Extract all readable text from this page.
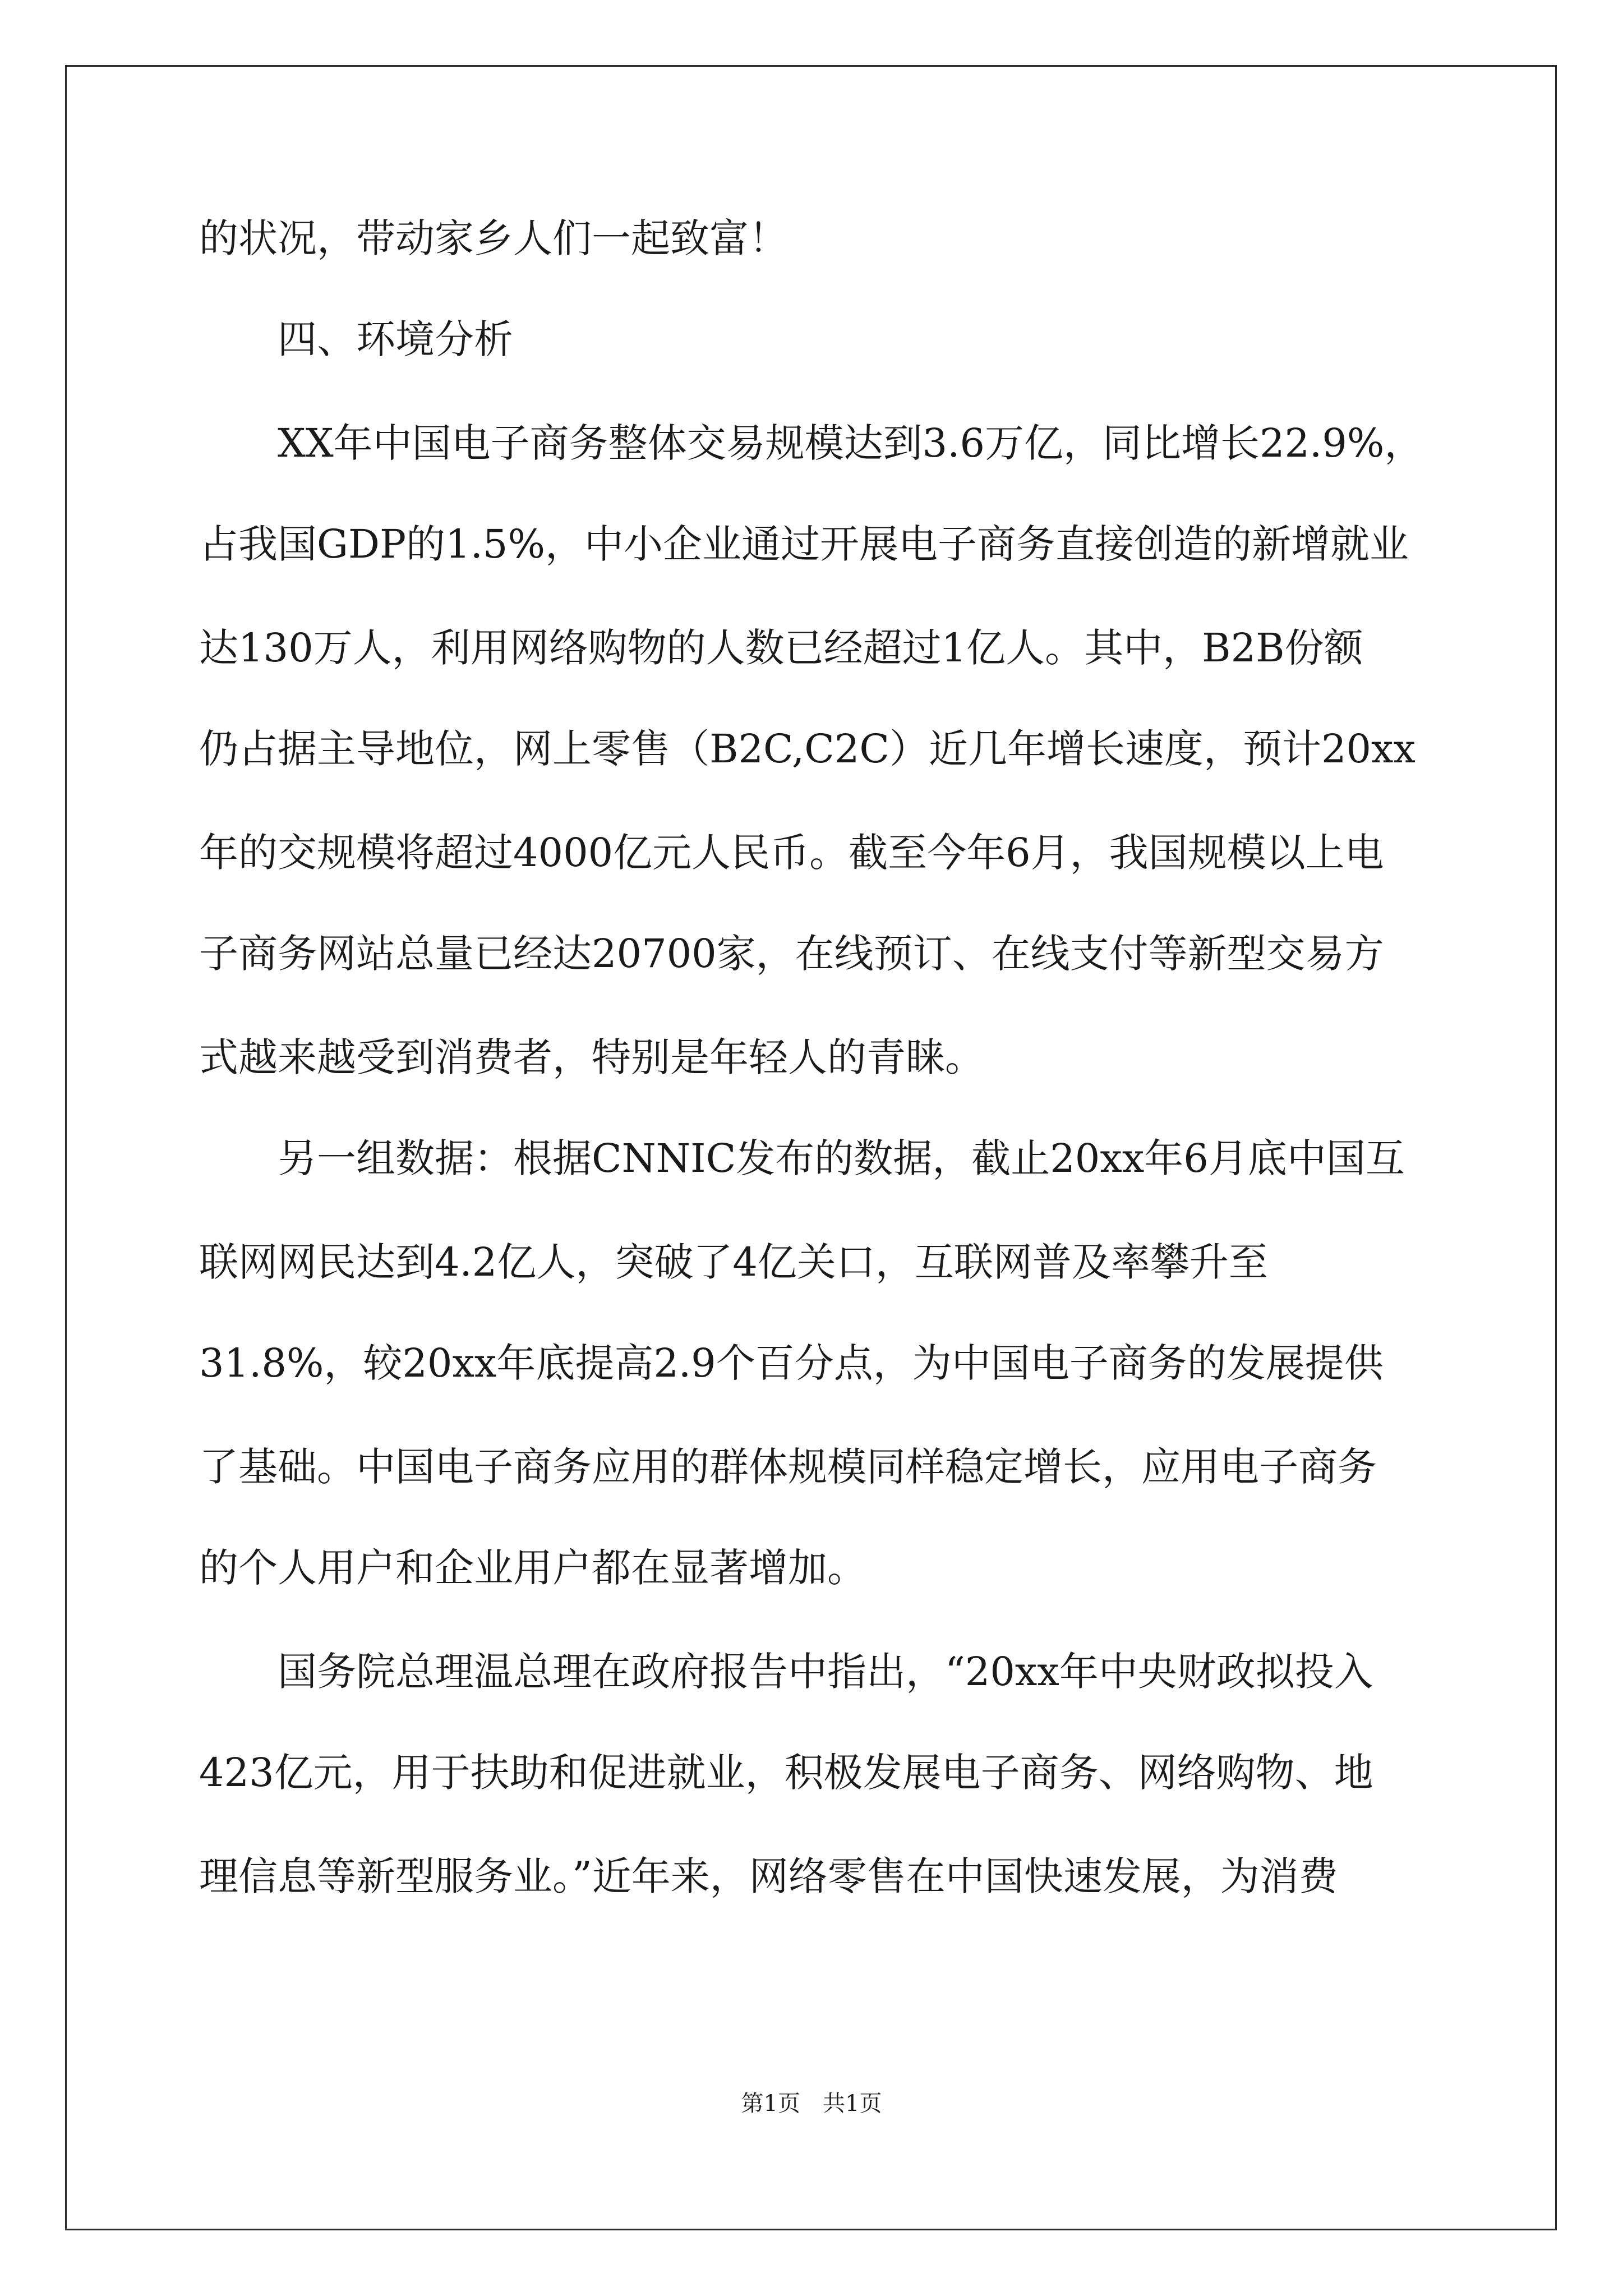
的状况，带动家乡人们一起致富！
四、环境分析
XX年中国电子商务整体交易规模达到3.6万亿，同比增长22.9%，
占我国GDP的1.5%，中小企业通过开展电子商务直接创造的新增就业
达130万人，利用网络购物的人数已经超过1亿人。其中，B2B份额
仍占据主导地位，网上零售（B2C,C2C）近几年增长速度，预计20xx
年的交规模将超过4000亿元人民币。截至今年6月，我国规模以上电
子商务网站总量已经达20700家，在线预订、在线支付等新型交易方
式越来越受到消费者，特别是年轻人的青睐。
另一组数据：根据CNNIC发布的数据，截止20xx年6月底中国互
联网网民达到4.2亿人，突破了4亿关口，互联网普及率攀升至
31.8%，较20xx年底提高2.9个百分点，为中国电子商务的发展提供
了基础。中国电子商务应用的群体规模同样稳定增长，应用电子商务
的个人用户和企业用户都在显著增加。
国务院总理温总理在政府报告中指出，“20xx年中央财政拟投入
423亿元，用于扶助和促进就业，积极发展电子商务、网络购物、地
理信息等新型服务业。”近年来，网络零售在中国快速发展，为消费
第1页　共1页
